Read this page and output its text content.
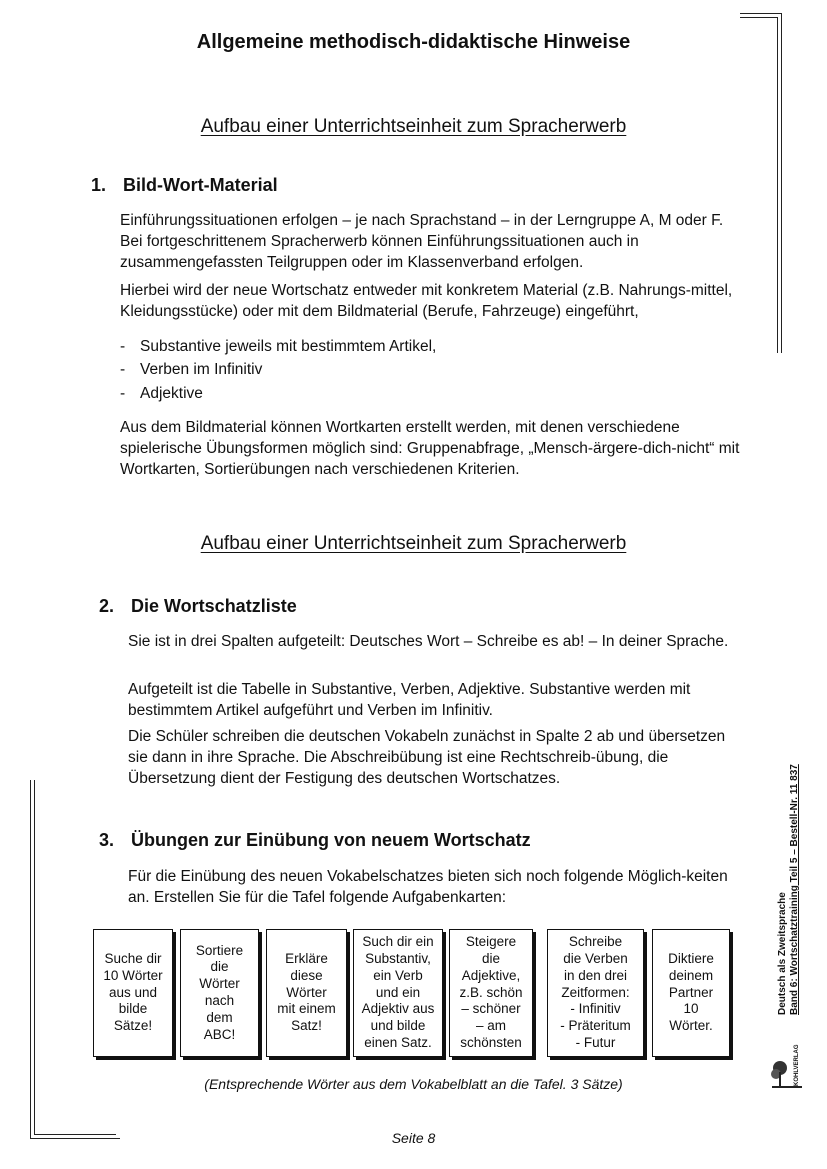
Allgemeine methodisch-didaktische Hinweise
Aufbau einer Unterrichtseinheit zum Spracherwerb
1. Bild-Wort-Material
Einführungssituationen erfolgen – je nach Sprachstand – in der Lerngruppe A, M oder F. Bei fortgeschrittenem Spracherwerb können Einführungssituationen auch in zusammengefassten Teilgruppen oder im Klassenverband erfolgen.
Hierbei wird der neue Wortschatz entweder mit konkretem Material (z.B. Nahrungs-mittel, Kleidungsstücke) oder mit dem Bildmaterial (Berufe, Fahrzeuge) eingeführt,
- Substantive jeweils mit bestimmtem Artikel,
- Verben im Infinitiv
- Adjektive
Aus dem Bildmaterial können Wortkarten erstellt werden, mit denen verschiedene spielerische Übungsformen möglich sind: Gruppenabfrage, „Mensch-ärgere-dich-nicht“ mit Wortkarten, Sortierübungen nach verschiedenen Kriterien.
Aufbau einer Unterrichtseinheit zum Spracherwerb
2. Die Wortschatzliste
Sie ist in drei Spalten aufgeteilt: Deutsches Wort – Schreibe es ab! – In deiner Sprache.
Aufgeteilt ist die Tabelle in Substantive, Verben, Adjektive. Substantive werden mit bestimmtem Artikel aufgeführt und Verben im Infinitiv.
Die Schüler schreiben die deutschen Vokabeln zunächst in Spalte 2 ab und übersetzen sie dann in ihre Sprache. Die Abschreibübung ist eine Rechtschreib-übung, die Übersetzung dient der Festigung des deutschen Wortschatzes.
3. Übungen zur Einübung von neuem Wortschatz
Für die Einübung des neuen Vokabelschatzes bieten sich noch folgende Möglich-keiten an. Erstellen Sie für die Tafel folgende Aufgabenkarten:
Suche dir
10 Wörter
aus und
bilde
Sätze!
Sortiere
die
Wörter
nach
dem
ABC!
Erkläre
diese
Wörter
mit einem
Satz!
Such dir ein
Substantiv,
ein Verb
und ein
Adjektiv aus
und bilde
einen Satz.
Steigere
die
Adjektive,
z.B. schön
– schöner
– am
schönsten
Schreibe
die Verben
in den drei
Zeitformen:
- Infinitiv
- Präteritum
- Futur
Diktiere
deinem
Partner
10
Wörter.
(Entsprechende Wörter aus dem Vokabelblatt an die Tafel. 3 Sätze)
Seite 8
Deutsch als Zweitsprache Band 6: Wortschatztraining Teil 5 – Bestell-Nr. 11 837
KOHLVERLAG
